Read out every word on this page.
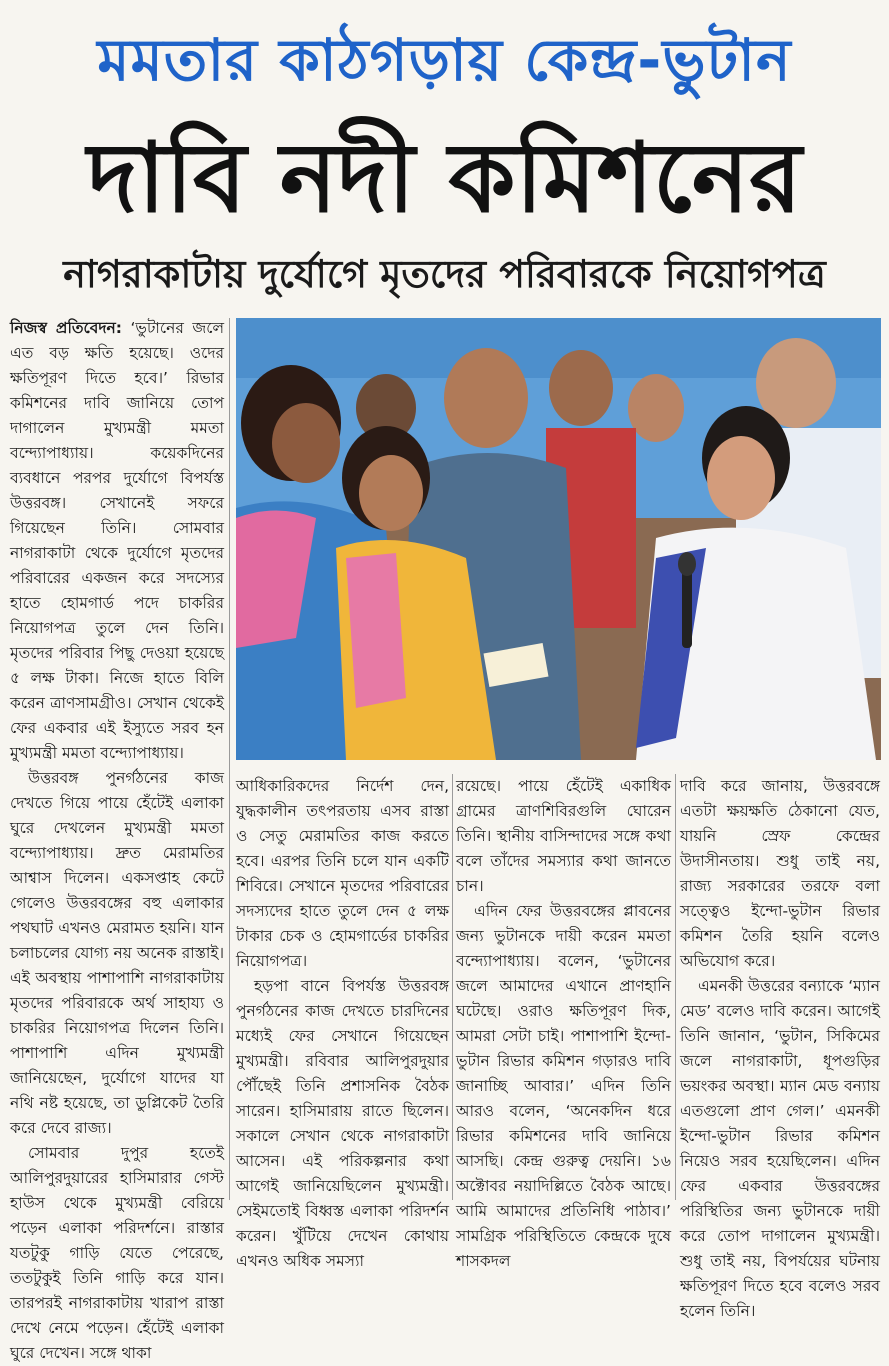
মমতার কাঠগড়ায় কেন্দ্র-ভুটান
দাবি নদী কমিশনের
নাগরাকাটায় দুর্যোগে মৃতদের পরিবারকে নিয়োগপত্র

নিজস্ব প্রতিবেদন: ‘ভুটানের জলে এত বড় ক্ষতি হয়েছে। ওদের ক্ষতিপূরণ দিতে হবে।’ রিভার কমিশনের দাবি জানিয়ে তোপ দাগালেন মুখ্যমন্ত্রী মমতা বন্দ্যোপাধ্যায়। কয়েকদিনের ব্যবধানে পরপর দুর্যোগে বিপর্যস্ত উত্তরবঙ্গ। সেখানেই সফরে গিয়েছেন তিনি। সোমবার নাগরাকাটা থেকে দুর্যোগে মৃতদের পরিবারের একজন করে সদস্যের হাতে হোমগার্ড পদে চাকরির নিয়োগপত্র তুলে দেন তিনি। মৃতদের পরিবার পিছু দেওয়া হয়েছে ৫ লক্ষ টাকা। নিজে হাতে বিলি করেন ত্রাণসামগ্রীও। সেখান থেকেই ফের একবার এই ইস্যুতে সরব হন মুখ্যমন্ত্রী মমতা বন্দ্যোপাধ্যায়।

উত্তরবঙ্গ পুনর্গঠনের কাজ দেখতে গিয়ে পায়ে হেঁটেই এলাকা ঘুরে দেখলেন মুখ্যমন্ত্রী মমতা বন্দ্যোপাধ্যায়। দ্রুত মেরামতির আশ্বাস দিলেন। একসপ্তাহ কেটে গেলেও উত্তরবঙ্গের বহু এলাকার পথঘাট এখনও মেরামত হয়নি। যান চলাচলের যোগ্য নয় অনেক রাস্তাই। এই অবস্থায় পাশাপাশি নাগরাকাটায় মৃতদের পরিবারকে অর্থ সাহায্য ও চাকরির নিয়োগপত্র দিলেন তিনি। পাশাপাশি এদিন মুখ্যমন্ত্রী জানিয়েছেন, দুর্যোগে যাদের যা নথি নষ্ট হয়েছে, তা ডুপ্লিকেট তৈরি করে দেবে রাজ্য।

সোমবার দুপুর হতেই আলিপুরদুয়ারের হাসিমারার গেস্ট হাউস থেকে মুখ্যমন্ত্রী বেরিয়ে পড়েন এলাকা পরিদর্শনে। রাস্তার যতটুকু গাড়ি যেতে পেরেছে, ততটুকুই তিনি গাড়ি করে যান। তারপরই নাগরাকাটায় খারাপ রাস্তা দেখে নেমে পড়েন। হেঁটেই এলাকা ঘুরে দেখেন। সঙ্গে থাকা

আধিকারিকদের নির্দেশ দেন, যুদ্ধকালীন তৎপরতায় এসব রাস্তা ও সেতু মেরামতির কাজ করতে হবে। এরপর তিনি চলে যান একটি শিবিরে। সেখানে মৃতদের পরিবারের সদস্যদের হাতে তুলে দেন ৫ লক্ষ টাকার চেক ও হোমগার্ডের চাকরির নিয়োগপত্র।

হড়পা বানে বিপর্যস্ত উত্তরবঙ্গ পুনর্গঠনের কাজ দেখতে চারদিনের মধ্যেই ফের সেখানে গিয়েছেন মুখ্যমন্ত্রী। রবিবার আলিপুরদুয়ার পৌঁছেই তিনি প্রশাসনিক বৈঠক সারেন। হাসিমারায় রাতে ছিলেন। সকালে সেখান থেকে নাগরাকাটা আসেন। এই পরিকল্পনার কথা আগেই জানিয়েছিলেন মুখ্যমন্ত্রী। সেইমতোই বিধ্বস্ত এলাকা পরিদর্শন করেন। খুঁটিয়ে দেখেন কোথায় এখনও অধিক সমস্যা

রয়েছে। পায়ে হেঁটেই একাধিক গ্রামের ত্রাণশিবিরগুলি ঘোরেন তিনি। স্থানীয় বাসিন্দাদের সঙ্গে কথা বলে তাঁদের সমস্যার কথা জানতে চান।

এদিন ফের উত্তরবঙ্গের প্লাবনের জন্য ভুটানকে দায়ী করেন মমতা বন্দ্যোপাধ্যায়। বলেন, ‘ভুটানের জলে আমাদের এখানে প্রাণহানি ঘটেছে। ওরাও ক্ষতিপূরণ দিক, আমরা সেটা চাই। পাশাপাশি ইন্দো-ভুটান রিভার কমিশন গড়ারও দাবি জানাচ্ছি আবার।’ এদিন তিনি আরও বলেন, ‘অনেকদিন ধরে রিভার কমিশনের দাবি জানিয়ে আসছি। কেন্দ্র গুরুত্ব দেয়নি। ১৬ অক্টোবর নয়াদিল্লিতে বৈঠক আছে। আমি আমাদের প্রতিনিধি পাঠাব।’ সামগ্রিক পরিস্থিতিতে কেন্দ্রকে দুষে শাসকদল

দাবি করে জানায়, উত্তরবঙ্গে এতটা ক্ষয়ক্ষতি ঠেকানো যেত, যায়নি স্রেফ কেন্দ্রের উদাসীনতায়। শুধু তাই নয়, রাজ্য সরকারের তরফে বলা সত্ত্বেও ইন্দো-ভুটান রিভার কমিশন তৈরি হয়নি বলেও অভিযোগ করে।

এমনকী উত্তরের বন্যাকে ‘ম্যান মেড’ বলেও দাবি করেন। আগেই তিনি জানান, ‘ভুটান, সিকিমের জলে নাগরাকাটা, ধূপগুড়ির ভয়ংকর অবস্থা। ম্যান মেড বন্যায় এতগুলো প্রাণ গেল।’ এমনকী ইন্দো-ভুটান রিভার কমিশন নিয়েও সরব হয়েছিলেন। এদিন ফের একবার উত্তরবঙ্গের পরিস্থিতির জন্য ভুটানকে দায়ী করে তোপ দাগালেন মুখ্যমন্ত্রী। শুধু তাই নয়, বিপর্যয়ের ঘটনায় ক্ষতিপূরণ দিতে হবে বলেও সরব হলেন তিনি।
